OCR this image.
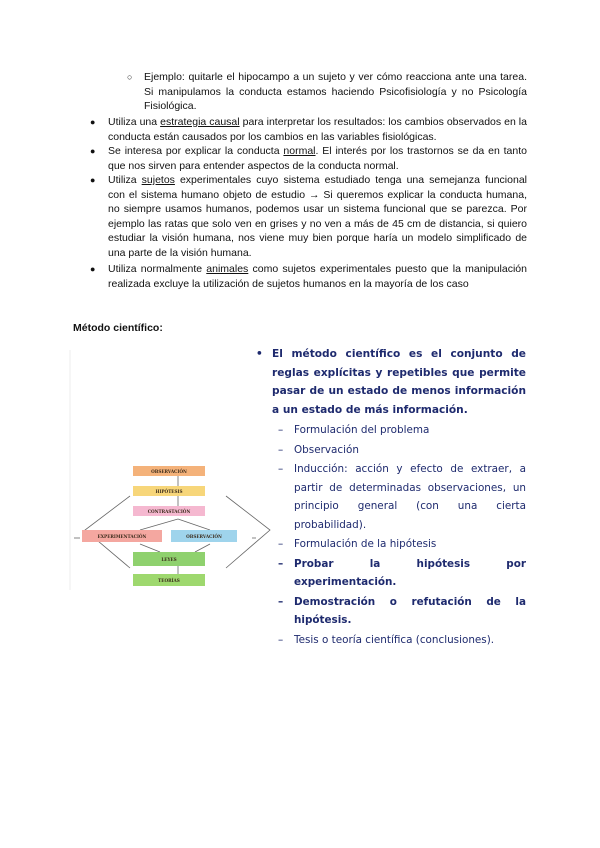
○ Ejemplo: quitarle el hipocampo a un sujeto y ver cómo reacciona ante una tarea. Si manipulamos la conducta estamos haciendo Psicofisiología y no Psicología Fisiológica.
● Utiliza una estrategia causal para interpretar los resultados: los cambios observados en la conducta están causados por los cambios en las variables fisiológicas.
● Se interesa por explicar la conducta normal. El interés por los trastornos se da en tanto que nos sirven para entender aspectos de la conducta normal.
● Utiliza sujetos experimentales cuyo sistema estudiado tenga una semejanza funcional con el sistema humano objeto de estudio → Si queremos explicar la conducta humana, no siempre usamos humanos, podemos usar un sistema funcional que se parezca. Por ejemplo las ratas que solo ven en grises y no ven a más de 45 cm de distancia, si quiero estudiar la visión humana, nos viene muy bien porque haría un modelo simplificado de una parte de la visión humana.
● Utiliza normalmente animales como sujetos experimentales puesto que la manipulación realizada excluye la utilización de sujetos humanos en la mayoría de los caso
Método científico:
OBSERVACIÓN
HIPÓTESIS
CONTRASTACIÓN
EXPERIMENTACIÓN	OBSERVACIÓN
LEYES
TEORÍAS
• El método científico es el conjunto de reglas explícitas y repetibles que permite pasar de un estado de menos información a un estado de más información.
– Formulación del problema
– Observación
– Inducción: acción y efecto de extraer, a partir de determinadas observaciones, un principio general (con una cierta probabilidad).
– Formulación de la hipótesis
– Probar la hipótesis por experimentación.
– Demostración o refutación de la hipótesis.
– Tesis o teoría científica (conclusiones).
